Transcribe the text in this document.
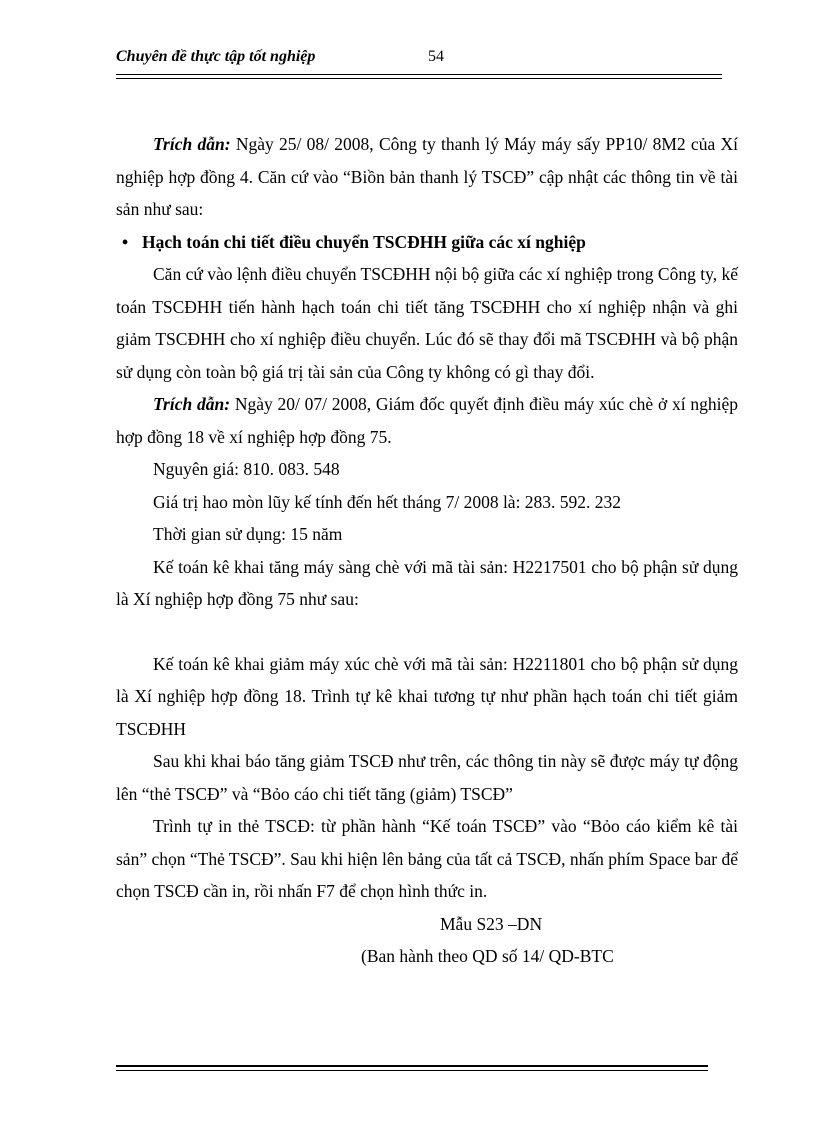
Chuyên đề thực tập tốt nghiệp	54

Trích dẫn: Ngày 25/ 08/ 2008, Công ty thanh lý Máy máy sấy PP10/ 8M2 của Xí nghiệp hợp đồng 4. Căn cứ vào “Biồn bản thanh lý TSCĐ” cập nhật các thông tin về tài sản như sau:

• Hạch toán chi tiết điều chuyển TSCĐHH giữa các xí nghiệp

Căn cứ vào lệnh điều chuyển TSCĐHH nội bộ giữa các xí nghiệp trong Công ty, kế toán TSCĐHH tiến hành hạch toán chi tiết tăng TSCĐHH cho xí nghiệp nhận và ghi giảm TSCĐHH cho xí nghiệp điều chuyển. Lúc đó sẽ thay đổi mã TSCĐHH và bộ phận sử dụng còn toàn bộ giá trị tài sản của Công ty không có gì thay đổi.

Trích dẫn: Ngày 20/ 07/ 2008, Giám đốc quyết định điều máy xúc chè ở xí nghiệp hợp đồng 18 về xí nghiệp hợp đồng 75.

Nguyên giá: 810. 083. 548

Giá trị hao mòn lũy kế tính đến hết tháng 7/ 2008 là: 283. 592. 232

Thời gian sử dụng: 15 năm

Kế toán kê khai tăng máy sàng chè với mã tài sản: H2217501 cho bộ phận sử dụng là Xí nghiệp hợp đồng 75 như sau:

Kế toán kê khai giảm máy xúc chè với mã tài sản: H2211801 cho bộ phận sử dụng là Xí nghiệp hợp đồng 18. Trình tự kê khai tương tự như phần hạch toán chi tiết giảm TSCĐHH

Sau khi khai báo tăng giảm TSCĐ như trên, các thông tin này sẽ được máy tự động lên “thẻ TSCĐ” và “Bỏo cáo chi tiết tăng (giảm) TSCĐ”

Trình tự in thẻ TSCĐ: từ phần hành “Kế toán TSCĐ” vào “Bỏo cáo kiểm kê tài sản” chọn “Thẻ TSCĐ”. Sau khi hiện lên bảng của tất cả TSCĐ, nhấn phím Space bar để chọn TSCĐ cần in, rồi nhấn F7 để chọn hình thức in.

Mẫu S23 –DN

(Ban hành theo QD số 14/ QD-BTC
